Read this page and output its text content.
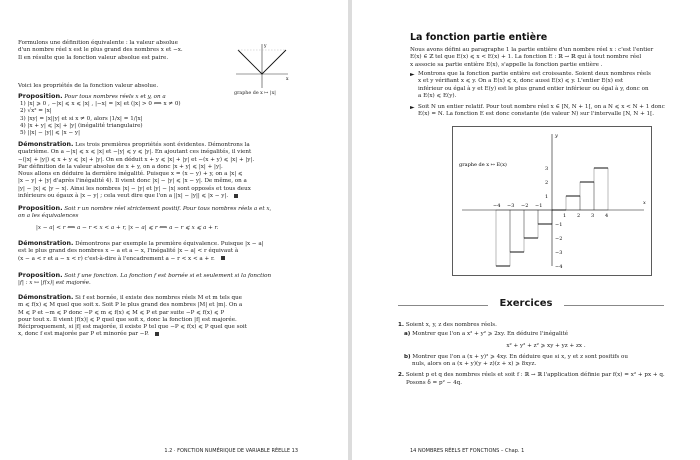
Formulons une définition équivalente : la valeur absolue
d'un nombre réel x est le plus grand des nombres x et −x.
Il en résulte que la fonction valeur absolue est paire.
y
x
graphe de x ↦ |x|
Voici les propriétés de la fonction valeur absolue.
Proposition. Pour tous nombres réels x et y, on a
1) |x| ⩾ 0 , −|x| ⩽ x ⩽ |x| , |−x| = |x| et (|x| > 0 ⟺ x ≠ 0)
2) √x² = |x|
3) |xy| = |x||y| et si x ≠ 0, alors |1/x| = 1/|x|
4) |x + y| ⩽ |x| + |y| (inégalité triangulaire)
5) ||x| − |y|| ⩽ |x − y|
Démonstration. Les trois premières propriétés sont évidentes. Démontrons la
quatrième. On a −|x| ⩽ x ⩽ |x| et −|y| ⩽ y ⩽ |y|. En ajoutant ces inégalités, il vient
−(|x| + |y|) ⩽ x + y ⩽ |x| + |y|. On en déduit x + y ⩽ |x| + |y| et −(x + y) ⩽ |x| + |y|.
Par définition de la valeur absolue de x + y, on a donc |x + y| ⩽ |x| + |y|.
Nous allons en déduire la dernière inégalité. Puisque x = (x − y) + y, on a |x| ⩽
|x − y| + |y| d'après l'inégalité 4). Il vient donc |x| − |y| ⩽ |x − y|. De même, on a
|y| − |x| ⩽ |y − x|. Ainsi les nombres |x| − |y| et |y| − |x| sont opposés et tous deux
inférieurs ou égaux à |x − y| ; cela veut dire que l'on a ||x| − |y|| ⩽ |x − y|.
Proposition. Soit r un nombre réel strictement positif. Pour tous nombres réels a et x,
on a les équivalences
|x − a| < r ⟺ a − r < x < a + r, |x − a| ⩽ r ⟺ a − r ⩽ x ⩽ a + r.
Démonstration. Démontrons par exemple la première équivalence. Puisque |x − a|
est le plus grand des nombres x − a et a − x, l'inégalité |x − a| < r équivaut à
(x − a < r et a − x < r) c'est-à-dire à l'encadrement a − r < x < a + r.
Proposition. Soit f une fonction. La fonction f est bornée si et seulement si la fonction
|f| : x ↦ |f(x)| est majorée.
Démonstration. Si f est bornée, il existe des nombres réels M et m tels que
m ⩽ f(x) ⩽ M quel que soit x. Soit P le plus grand des nombres |M| et |m|. On a
M ⩽ P et −m ⩽ P donc −P ⩽ m ⩽ f(x) ⩽ M ⩽ P et par suite −P ⩽ f(x) ⩽ P
pour tout x. Il vient |f(x)| ⩽ P quel que soit x, donc la fonction |f| est majorée.
Réciproquement, si |f| est majorée, il existe P tel que −P ⩽ f(x) ⩽ P quel que soit
x, donc f est majorée par P et minorée par −P.
1.2 · FONCTION NUMÉRIQUE DE VARIABLE RÉELLE 13
La fonction partie entière
Nous avons défini au paragraphe 1 la partie entière d'un nombre réel x : c'est l'entier
E(x) ∈ ℤ tel que E(x) ⩽ x < E(x) + 1. La fonction E : ℝ → ℝ qui à tout nombre réel
x associe sa partie entière E(x), s'appelle la fonction partie entière .
► Montrons que la fonction partie entière est croissante. Soient deux nombres réels
x et y vérifiant x ⩽ y. On a E(x) ⩽ x, donc aussi E(x) ⩽ y. L'entier E(x) est
inférieur ou égal à y et E(y) est le plus grand entier inférieur ou égal à y, donc on
a E(x) ⩽ E(y).
► Soit N un entier relatif. Pour tout nombre réel x ∈ [N, N + 1[, on a N ⩽ x < N + 1 donc
E(x) = N. La fonction E est donc constante (de valeur N) sur l'intervalle [N, N + 1[.
−4 −3 −2 −1
1 2 3 4
3
2
1
−1
−2
−3
−4
graphe de x ↦ E(x)
x
y
Exercices
1. Soient x, y, z des nombres réels.
a) Montrer que l'on a x² + y² ⩾ 2xy. En déduire l'inégalité
x² + y² + z² ⩾ xy + yz + zx .
b) Montrer que l'on a (x + y)² ⩾ 4xy. En déduire que si x, y et z sont positifs ou
nuls, alors on a (x + y)(y + z)(z + x) ⩾ 8xyz.
2. Soient p et q des nombres réels et soit f : ℝ → ℝ l'application définie par f(x) = x² + px + q.
Posons δ = p² − 4q.
14 NOMBRES RÉELS ET FONCTIONS – Chap. 1
